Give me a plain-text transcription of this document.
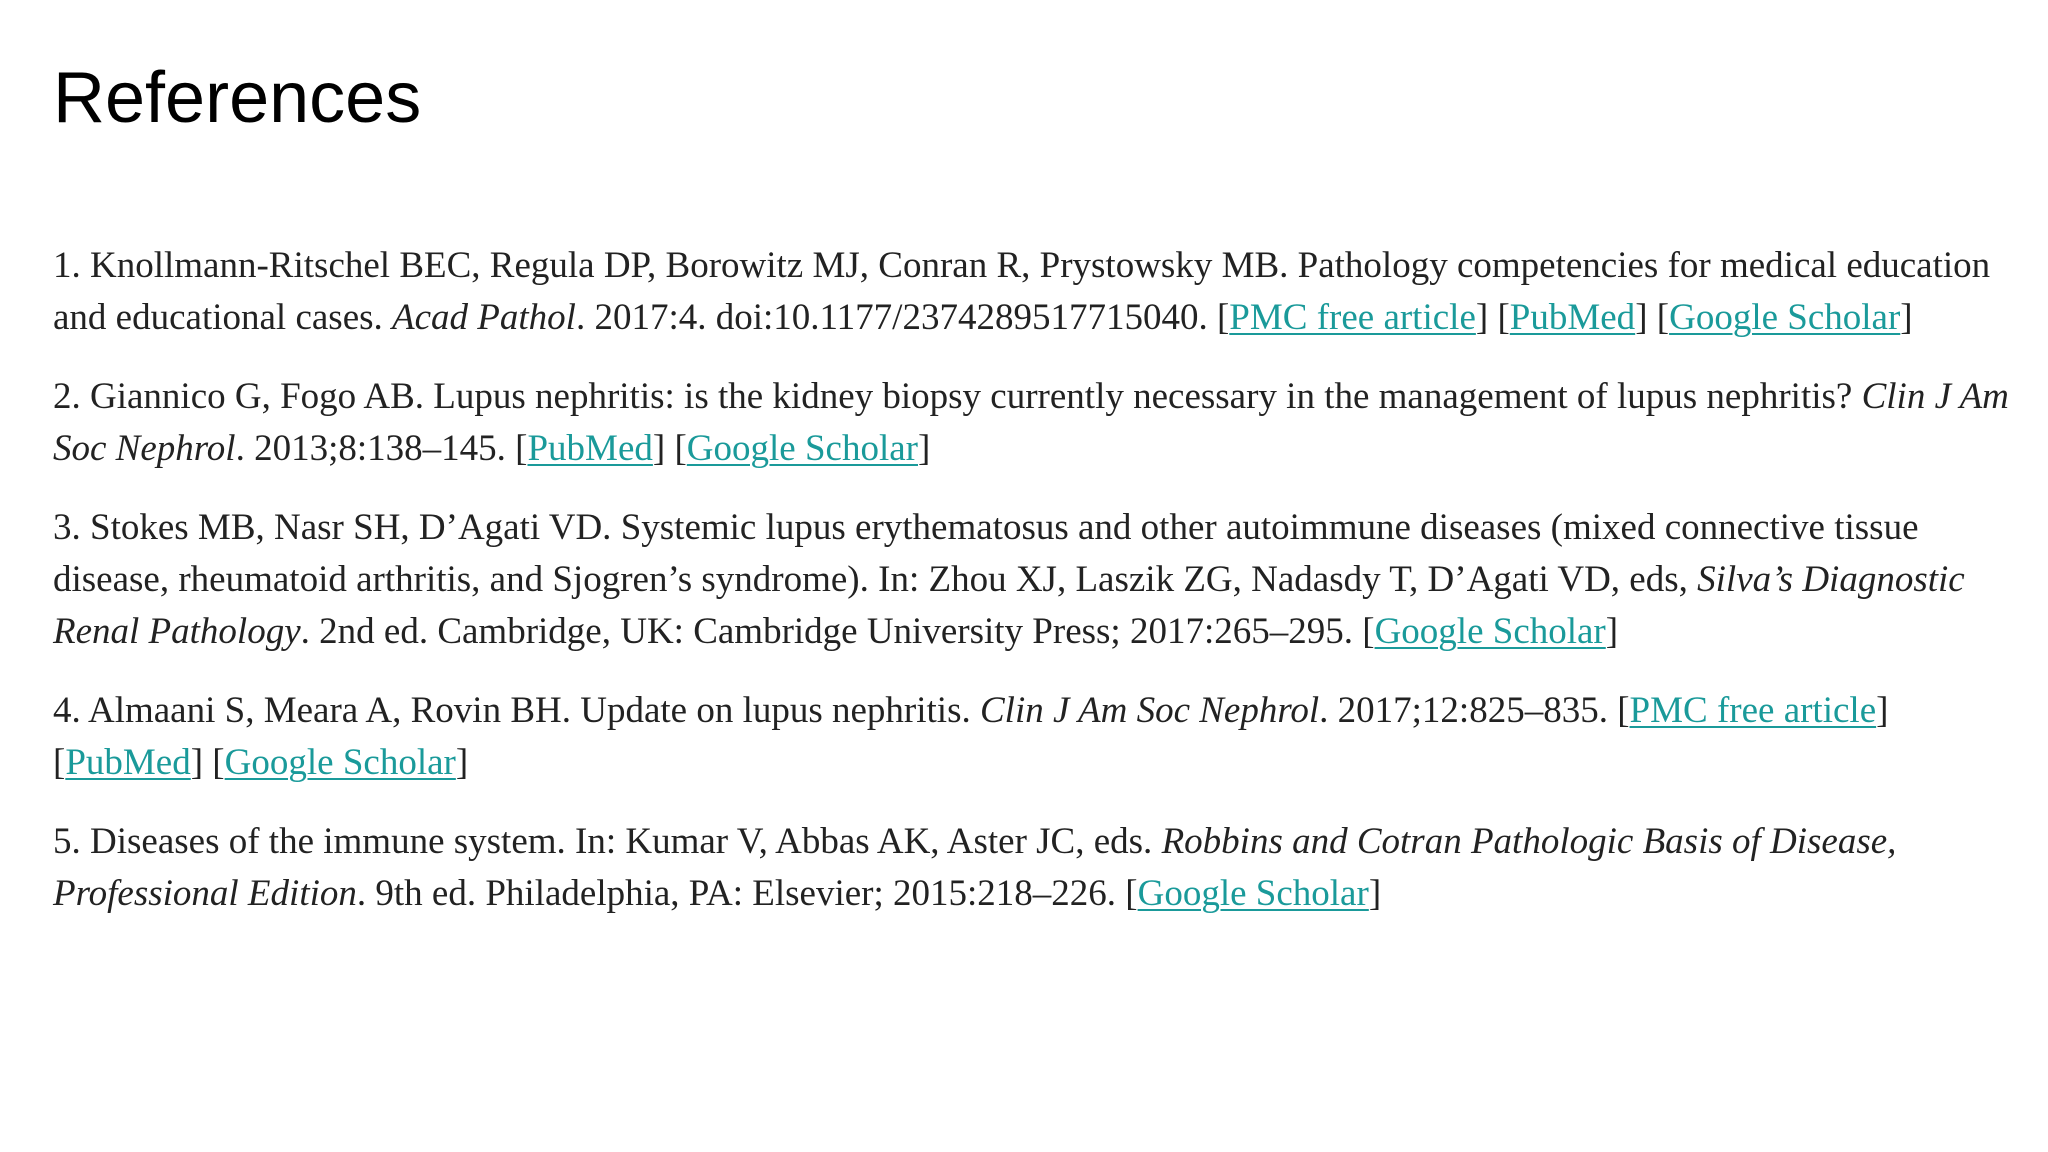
References
1. Knollmann-Ritschel BEC, Regula DP, Borowitz MJ, Conran R, Prystowsky MB. Pathology competencies for medical education and educational cases. Acad Pathol. 2017:4. doi:10.1177/2374289517715040. [PMC free article] [PubMed] [Google Scholar]
2. Giannico G, Fogo AB. Lupus nephritis: is the kidney biopsy currently necessary in the management of lupus nephritis? Clin J Am Soc Nephrol. 2013;8:138–145. [PubMed] [Google Scholar]
3. Stokes MB, Nasr SH, D’Agati VD. Systemic lupus erythematosus and other autoimmune diseases (mixed connective tissue disease, rheumatoid arthritis, and Sjogren’s syndrome). In: Zhou XJ, Laszik ZG, Nadasdy T, D’Agati VD, eds, Silva’s Diagnostic Renal Pathology. 2nd ed. Cambridge, UK: Cambridge University Press; 2017:265–295. [Google Scholar]
4. Almaani S, Meara A, Rovin BH. Update on lupus nephritis. Clin J Am Soc Nephrol. 2017;12:825–835. [PMC free article] [PubMed] [Google Scholar]
5. Diseases of the immune system. In: Kumar V, Abbas AK, Aster JC, eds. Robbins and Cotran Pathologic Basis of Disease, Professional Edition. 9th ed. Philadelphia, PA: Elsevier; 2015:218–226. [Google Scholar]
